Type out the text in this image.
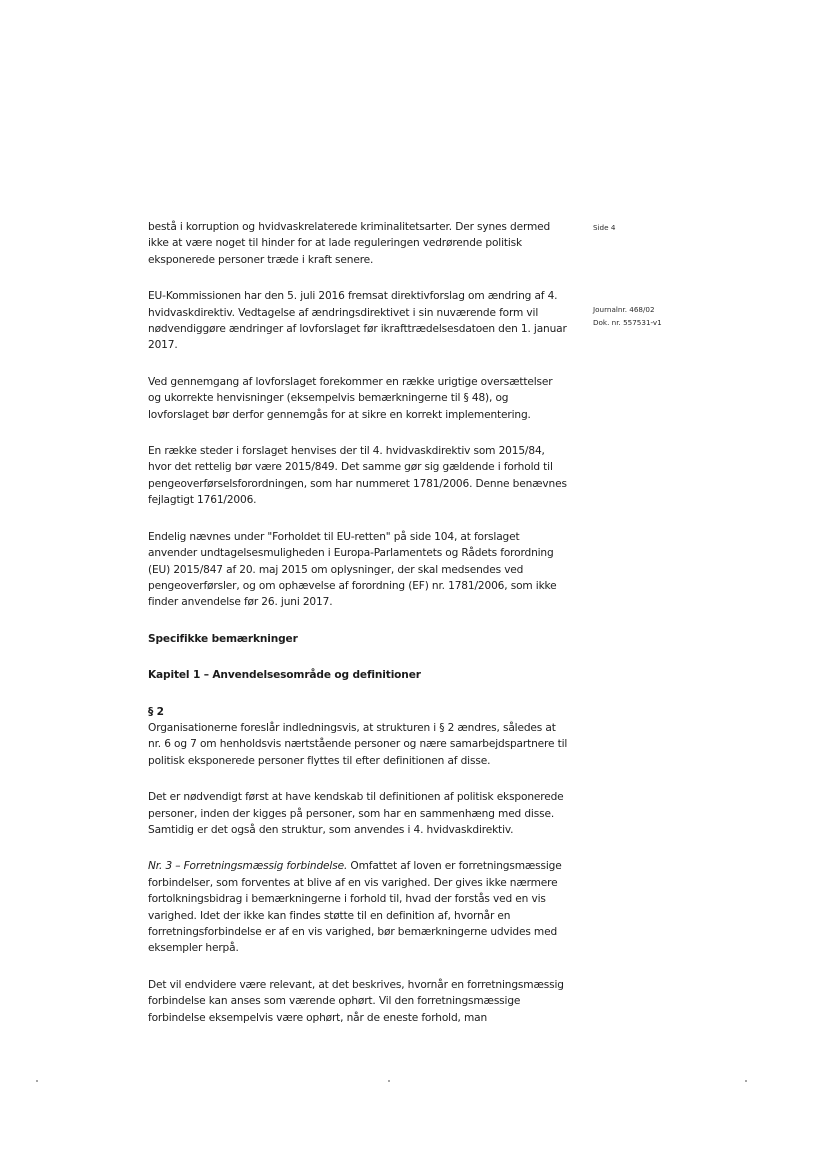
Side 4
Journalnr. 468/02
Dok. nr. 557531-v1

bestå i korruption og hvidvaskrelaterede kriminalitetsarter. Der synes dermed ikke at være noget til hinder for at lade reguleringen vedrørende politisk eksponerede personer træde i kraft senere.

EU-Kommissionen har den 5. juli 2016 fremsat direktivforslag om ændring af 4. hvidvaskdirektiv. Vedtagelse af ændringsdirektivet i sin nuværende form vil nødvendiggøre ændringer af lovforslaget før ikrafttrædelsesdatoen den 1. januar 2017.

Ved gennemgang af lovforslaget forekommer en række urigtige oversættelser og ukorrekte henvisninger (eksempelvis bemærkningerne til § 48), og lovforslaget bør derfor gennemgås for at sikre en korrekt implementering.

En række steder i forslaget henvises der til 4. hvidvaskdirektiv som 2015/84, hvor det rettelig bør være 2015/849. Det samme gør sig gældende i forhold til pengeoverførselsforordningen, som har nummeret 1781/2006. Denne benævnes fejlagtigt 1761/2006.

Endelig nævnes under "Forholdet til EU-retten" på side 104, at forslaget anvender undtagelsesmuligheden i Europa-Parlamentets og Rådets forordning (EU) 2015/847 af 20. maj 2015 om oplysninger, der skal medsendes ved pengeoverførsler, og om ophævelse af forordning (EF) nr. 1781/2006, som ikke finder anvendelse før 26. juni 2017.

Specifikke bemærkninger

Kapitel 1 – Anvendelsesområde og definitioner

§ 2

Organisationerne foreslår indledningsvis, at strukturen i § 2 ændres, således at nr. 6 og 7 om henholdsvis nærtstående personer og nære samarbejdspartnere til politisk eksponerede personer flyttes til efter definitionen af disse.

Det er nødvendigt først at have kendskab til definitionen af politisk eksponerede personer, inden der kigges på personer, som har en sammenhæng med disse. Samtidig er det også den struktur, som anvendes i 4. hvidvaskdirektiv.

Nr. 3 – Forretningsmæssig forbindelse. Omfattet af loven er forretningsmæssige forbindelser, som forventes at blive af en vis varighed. Der gives ikke nærmere fortolkningsbidrag i bemærkningerne i forhold til, hvad der forstås ved en vis varighed. Idet der ikke kan findes støtte til en definition af, hvornår en forretningsforbindelse er af en vis varighed, bør bemærkningerne udvides med eksempler herpå.

Det vil endvidere være relevant, at det beskrives, hvornår en forretningsmæssig forbindelse kan anses som værende ophørt. Vil den forretningsmæssige forbindelse eksempelvis være ophørt, når de eneste forhold, man
